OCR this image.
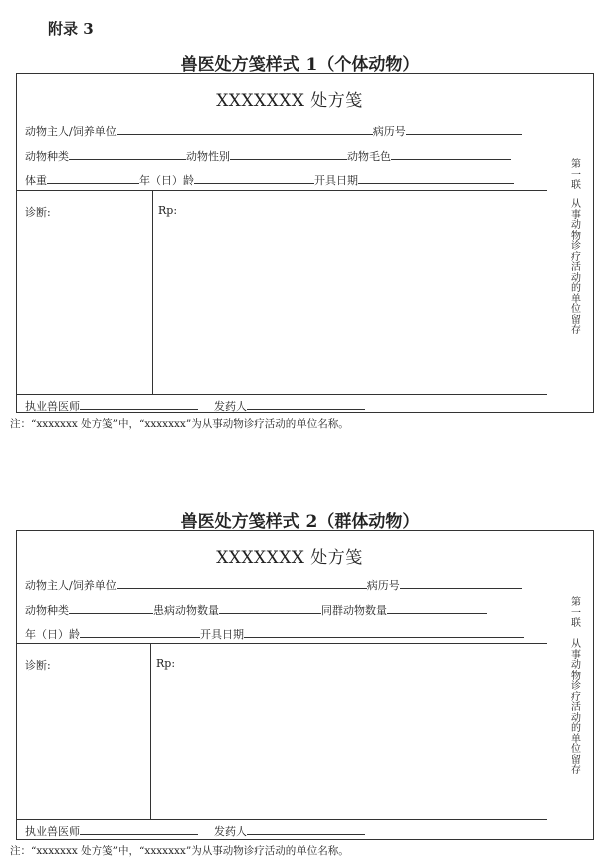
附录 3
兽医处方笺样式 1（个体动物）
XXXXXXX 处方笺
动物主人/饲养单位	病历号
动物种类	动物性别	动物毛色
体重	年（日）龄	开具日期
诊断:	Rp:
执业兽医师	发药人
第一联
从事动物诊疗活动的单位留存
注：“xxxxxxx 处方笺”中，“xxxxxxx”为从事动物诊疗活动的单位名称。
兽医处方笺样式 2（群体动物）
XXXXXXX 处方笺
动物主人/饲养单位	病历号
动物种类	患病动物数量	同群动物数量
年（日）龄	开具日期
诊断:	Rp:
执业兽医师	发药人
第一联
从事动物诊疗活动的单位留存
注：“xxxxxxx 处方笺”中，“xxxxxxx”为从事动物诊疗活动的单位名称。
